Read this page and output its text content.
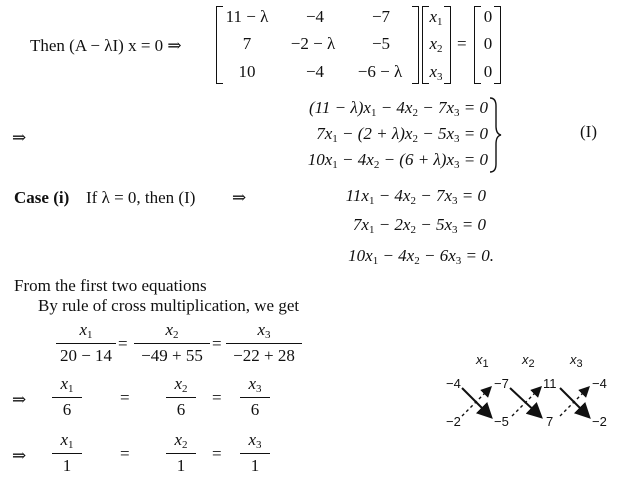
Then (A − λI) x = 0 ⇒
11 − λ	−4	−7
7	−2 − λ	−5
10	−4	−6 − λ
$x_1$
$x_2$
$x_3$
=
0
0
0
⇒
$(11 - \lambda)x_1 - 4x_2 - 7x_3 = 0$
$7x_1 - (2 + \lambda)x_2 - 5x_3 = 0$
$10x_1 - 4x_2 - (6 + \lambda)x_3 = 0$
(I)
Case (i) If λ = 0, then (I) ⇒	$11x_1 - 4x_2 - 7x_3 = 0$
$7x_1 - 2x_2 - 5x_3 = 0$
$10x_1 - 4x_2 - 6x_3 = 0$.
From the first two equations
By rule of cross multiplication, we get
$x_1$
20 − 14
=
$x_2$
−49 + 55
=
$x_3$
−22 + 28
⇒
$x_1$
6
=
$x_2$
6
=
$x_3$
6
⇒
$x_1$
1
=
$x_2$
1
=
$x_3$
1
$x_1$	$x_2$	$x_3$
−4	−7	11	−4
−2	−5	7	−2
